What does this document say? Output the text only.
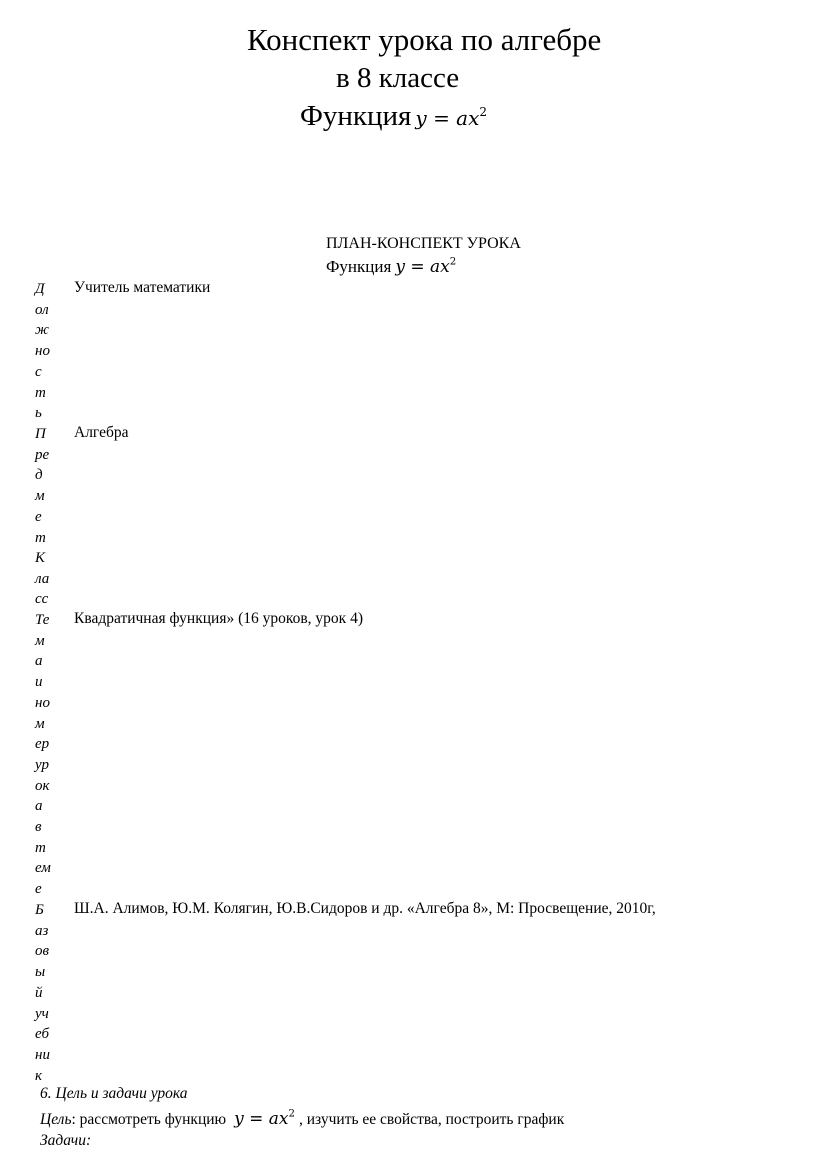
Конспект урока по алгебре
в 8 классе
Функция $y = ax^2$
ПЛАН-КОНСПЕКТ УРОКА
Функция $y = ax^2$
Д
ол
ж
но
с
т
ь
Учитель математики
П
ре
д
м
е
т
Алгебра
К
ла
сс
Те
м
а
и
но
м
ер
ур
ок
а
в
т
ем
е
Квадратичная функция» (16 уроков, урок 4)
Б
аз
ов
ы
й
уч
еб
ни
к
Ш.А. Алимов, Ю.М. Колягин, Ю.В.Сидоров и др. «Алгебра 8», М: Просвещение, 2010г,
6. Цель и задачи урока
Цель: рассмотреть функцию $y = ax^2$ , изучить ее свойства, построить график
Задачи:
